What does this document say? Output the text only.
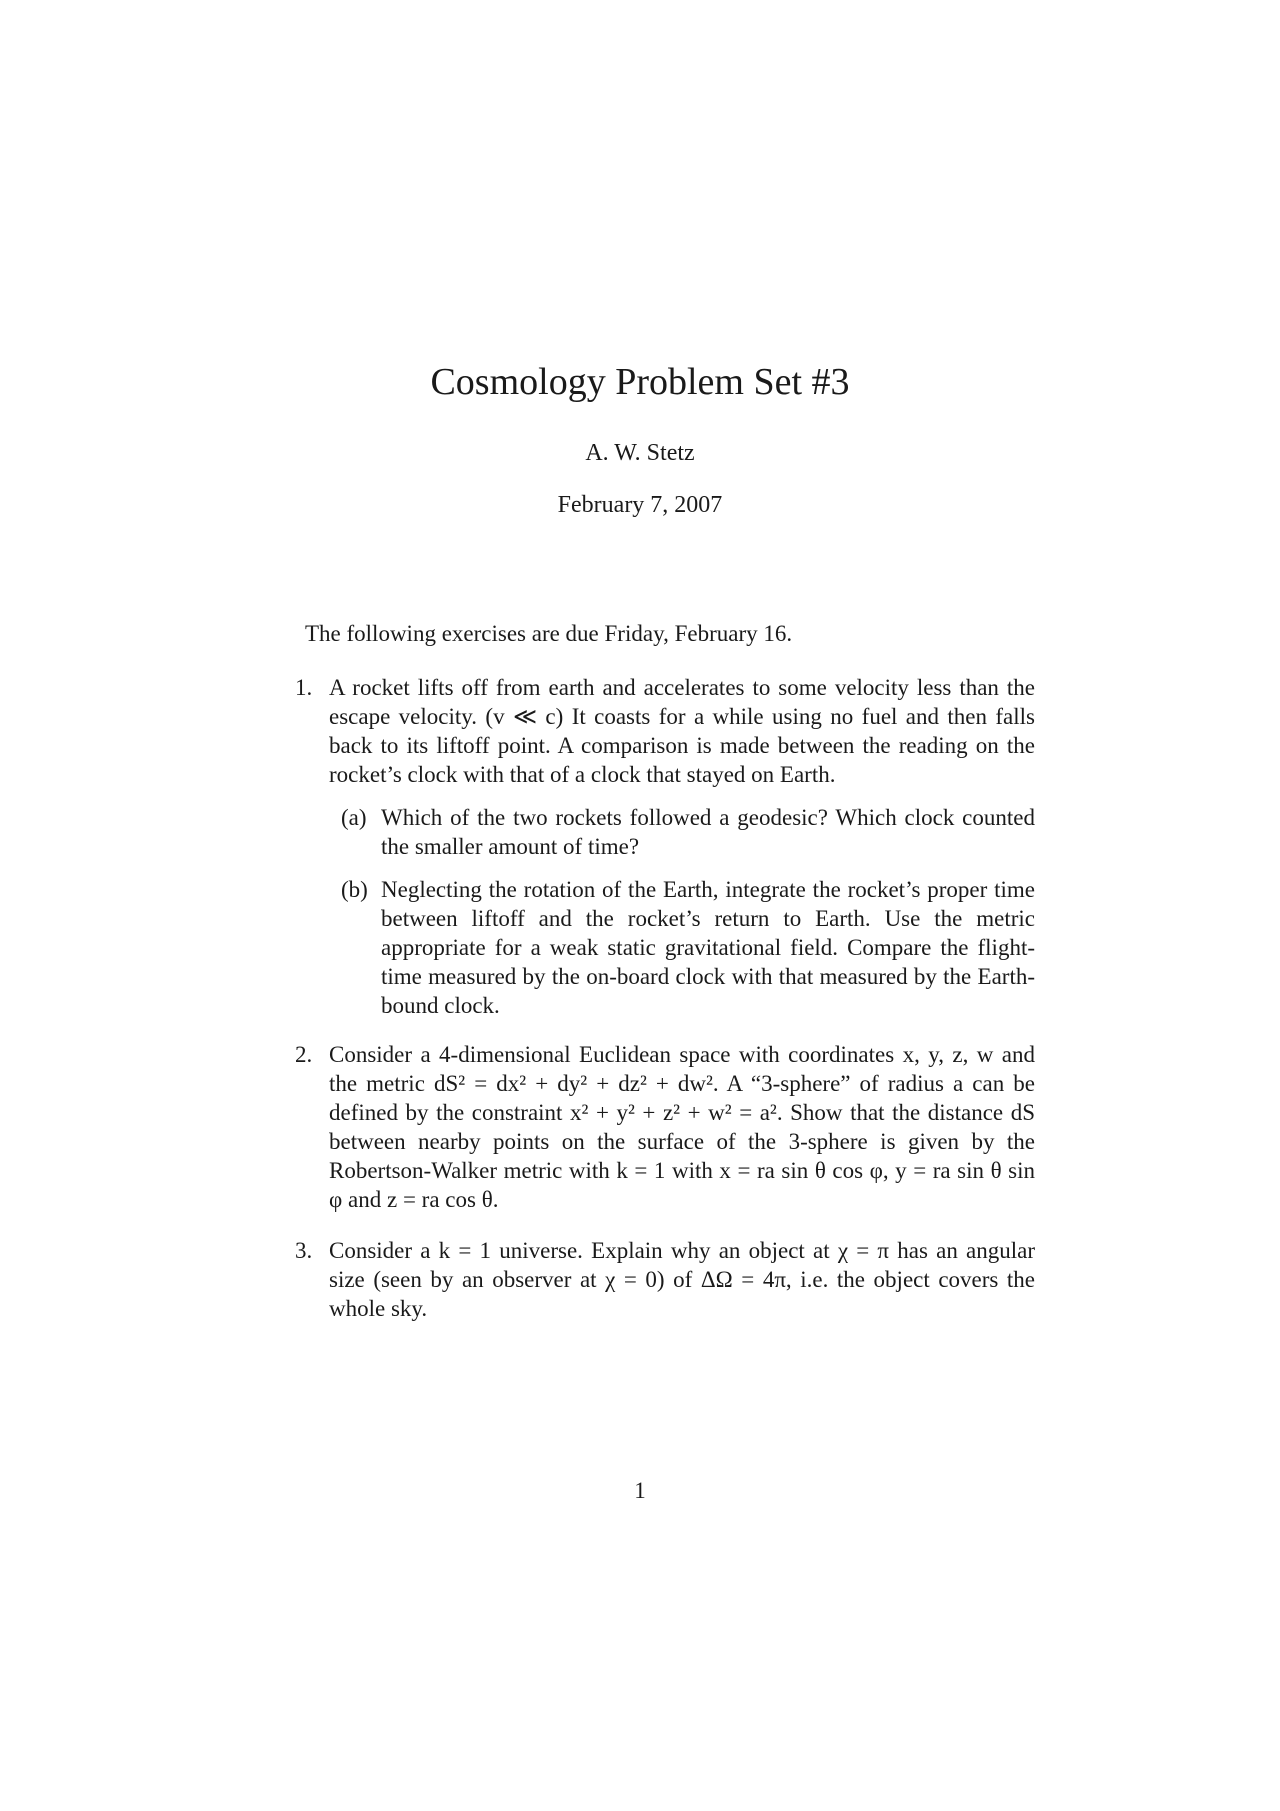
Cosmology Problem Set #3
A. W. Stetz
February 7, 2007
The following exercises are due Friday, February 16.
1. A rocket lifts off from earth and accelerates to some velocity less than the escape velocity. (v ≪ c) It coasts for a while using no fuel and then falls back to its liftoff point. A comparison is made between the reading on the rocket’s clock with that of a clock that stayed on Earth.
(a) Which of the two rockets followed a geodesic? Which clock counted the smaller amount of time?
(b) Neglecting the rotation of the Earth, integrate the rocket’s proper time between liftoff and the rocket’s return to Earth. Use the metric appropriate for a weak static gravitational field. Compare the flight-time measured by the on-board clock with that measured by the Earth-bound clock.
2. Consider a 4-dimensional Euclidean space with coordinates x, y, z, w and the metric dS² = dx² + dy² + dz² + dw². A “3-sphere” of radius a can be defined by the constraint x² + y² + z² + w² = a². Show that the distance dS between nearby points on the surface of the 3-sphere is given by the Robertson-Walker metric with k = 1 with x = ra sin θ cos φ, y = ra sin θ sin φ and z = ra cos θ.
3. Consider a k = 1 universe. Explain why an object at χ = π has an angular size (seen by an observer at χ = 0) of ΔΩ = 4π, i.e. the object covers the whole sky.
1
